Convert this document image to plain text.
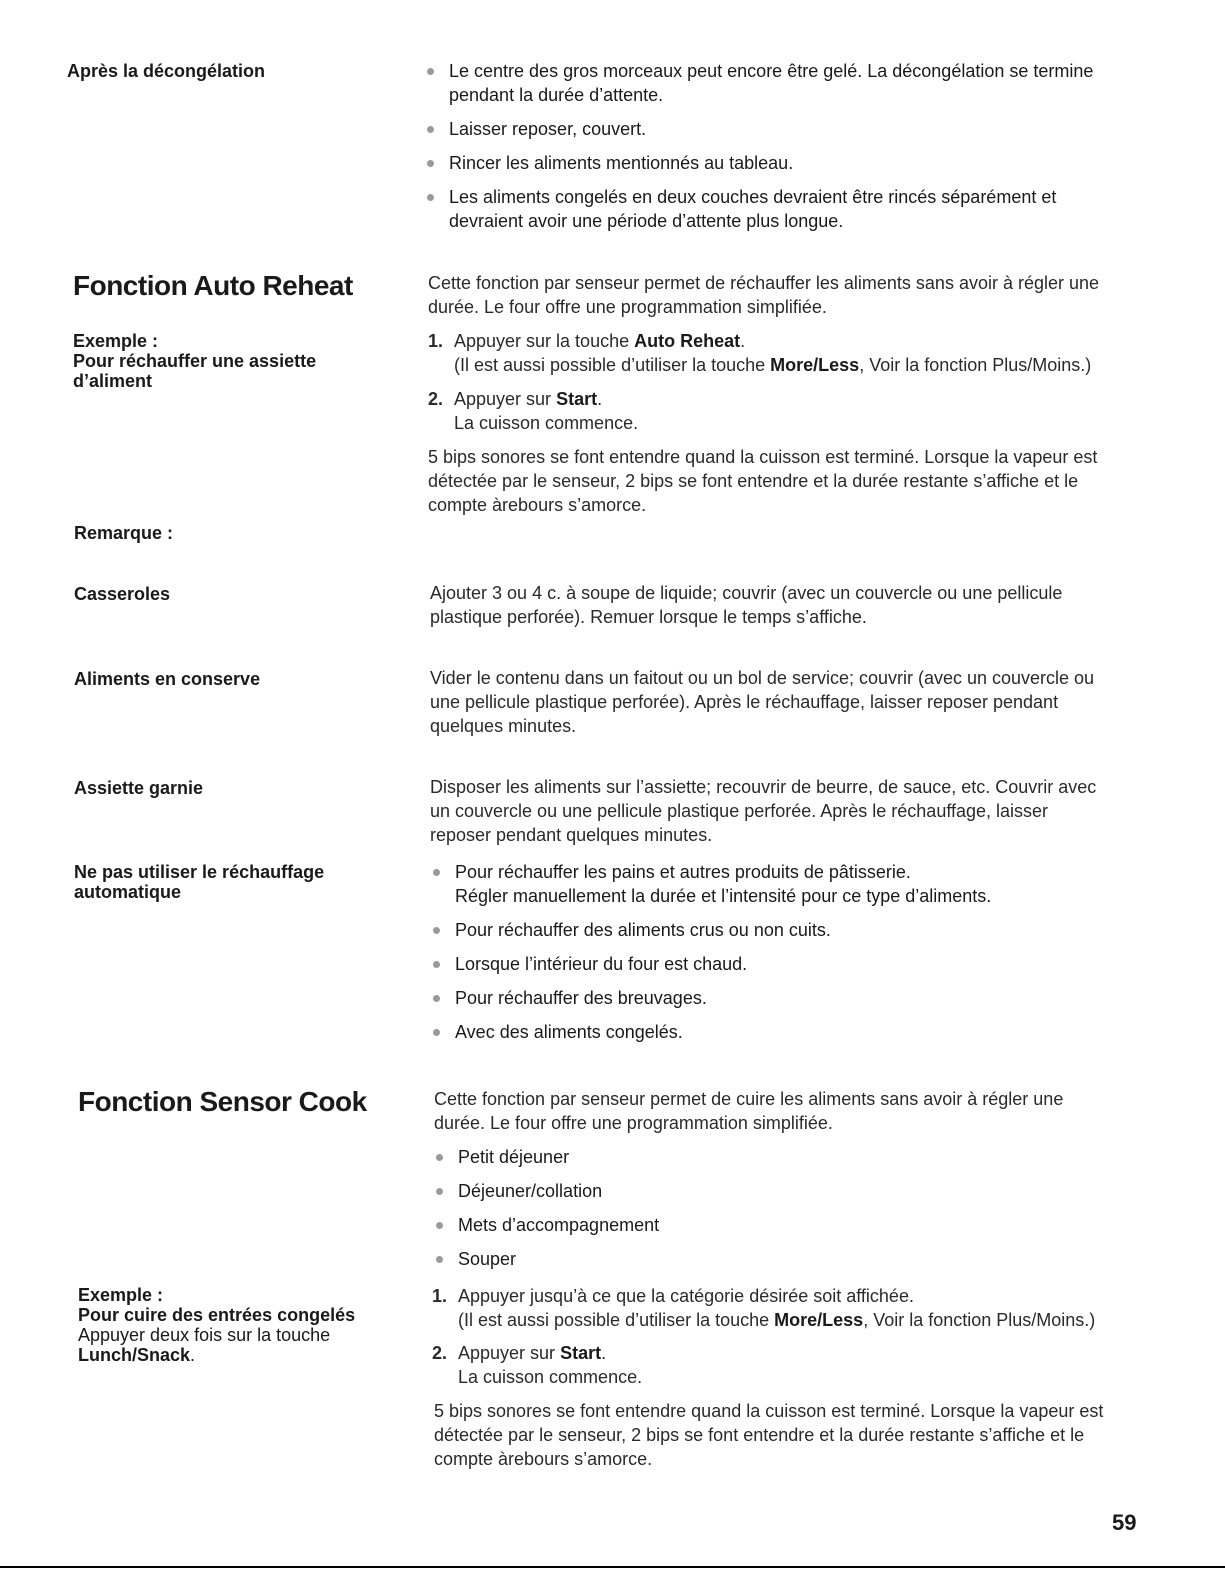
Après la décongélation	Le centre des gros morceaux peut encore être gelé. La décongélation se termine
pendant la durée d’attente.
Laisser reposer, couvert.
Rincer les aliments mentionnés au tableau.
Les aliments congelés en deux couches devraient être rincés séparément et
devraient avoir une période d’attente plus longue.
Fonction Auto Reheat	Cette fonction par senseur permet de réchauffer les aliments sans avoir à régler une
durée. Le four offre une programmation simplifiée.
Exemple :
Pour réchauffer une assiette
d’aliment
1. Appuyer sur la touche Auto Reheat.
(Il est aussi possible d’utiliser la touche More/Less, Voir la fonction Plus/Moins.)
2. Appuyer sur Start.
La cuisson commence.
5 bips sonores se font entendre quand la cuisson est terminé. Lorsque la vapeur est
détectée par le senseur, 2 bips se font entendre et la durée restante s’affiche et le
compte àrebours s’amorce.
Remarque :
Casseroles	Ajouter 3 ou 4 c. à soupe de liquide; couvrir (avec un couvercle ou une pellicule
plastique perforée). Remuer lorsque le temps s’affiche.
Aliments en conserve	Vider le contenu dans un faitout ou un bol de service; couvrir (avec un couvercle ou
une pellicule plastique perforée). Après le réchauffage, laisser reposer pendant
quelques minutes.
Assiette garnie	Disposer les aliments sur l’assiette; recouvrir de beurre, de sauce, etc. Couvrir avec
un couvercle ou une pellicule plastique perforée. Après le réchauffage, laisser
reposer pendant quelques minutes.
Ne pas utiliser le réchauffage
automatique
Pour réchauffer les pains et autres produits de pâtisserie.
Régler manuellement la durée et l’intensité pour ce type d’aliments.
Pour réchauffer des aliments crus ou non cuits.
Lorsque l’intérieur du four est chaud.
Pour réchauffer des breuvages.
Avec des aliments congelés.
Fonction Sensor Cook	Cette fonction par senseur permet de cuire les aliments sans avoir à régler une
durée. Le four offre une programmation simplifiée.
Petit déjeuner
Déjeuner/collation
Mets d’accompagnement
Souper
Exemple :
Pour cuire des entrées congelés
Appuyer deux fois sur la touche
Lunch/Snack.
1. Appuyer jusqu’à ce que la catégorie désirée soit affichée.
(Il est aussi possible d’utiliser la touche More/Less, Voir la fonction Plus/Moins.)
2. Appuyer sur Start.
La cuisson commence.
5 bips sonores se font entendre quand la cuisson est terminé. Lorsque la vapeur est
détectée par le senseur, 2 bips se font entendre et la durée restante s’affiche et le
compte àrebours s’amorce.
59
